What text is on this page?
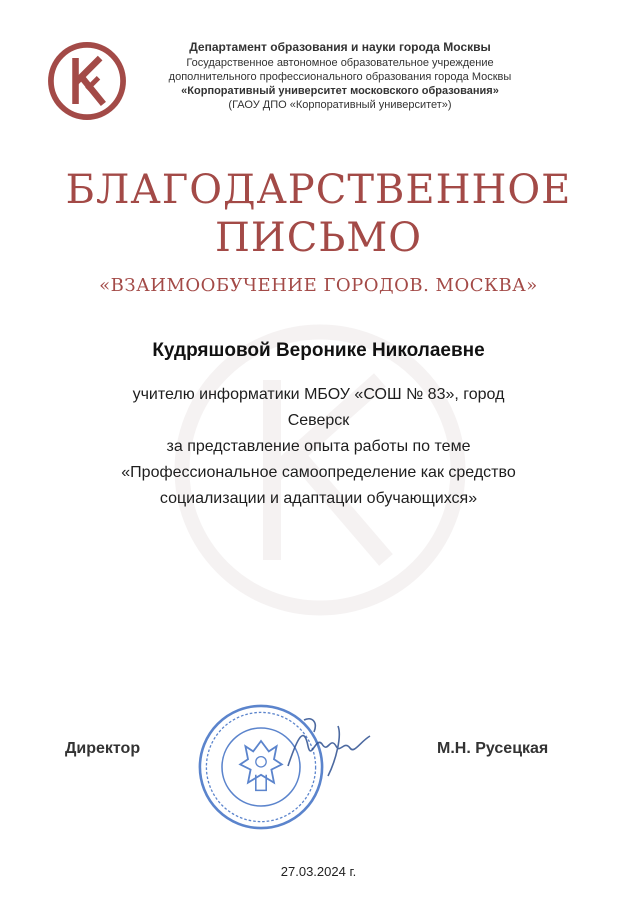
Департамент образования и науки города Москвы
Государственное автономное образовательное учреждение
дополнительного профессионального образования города Москвы
«Корпоративный университет московского образования»
(ГАОУ ДПО «Корпоративный университет»)
БЛАГОДАРСТВЕННОЕ
ПИСЬМО
«ВЗАИМООБУЧЕНИЕ ГОРОДОВ. МОСКВА»
Кудряшовой Веронике Николаевне
учителю информатики МБОУ «СОШ № 83», город
Северск
за представление опыта работы по теме
«Профессиональное самоопределение как средство
социализации и адаптации обучающихся»
Директор	М.Н. Русецкая
27.03.2024 г.
